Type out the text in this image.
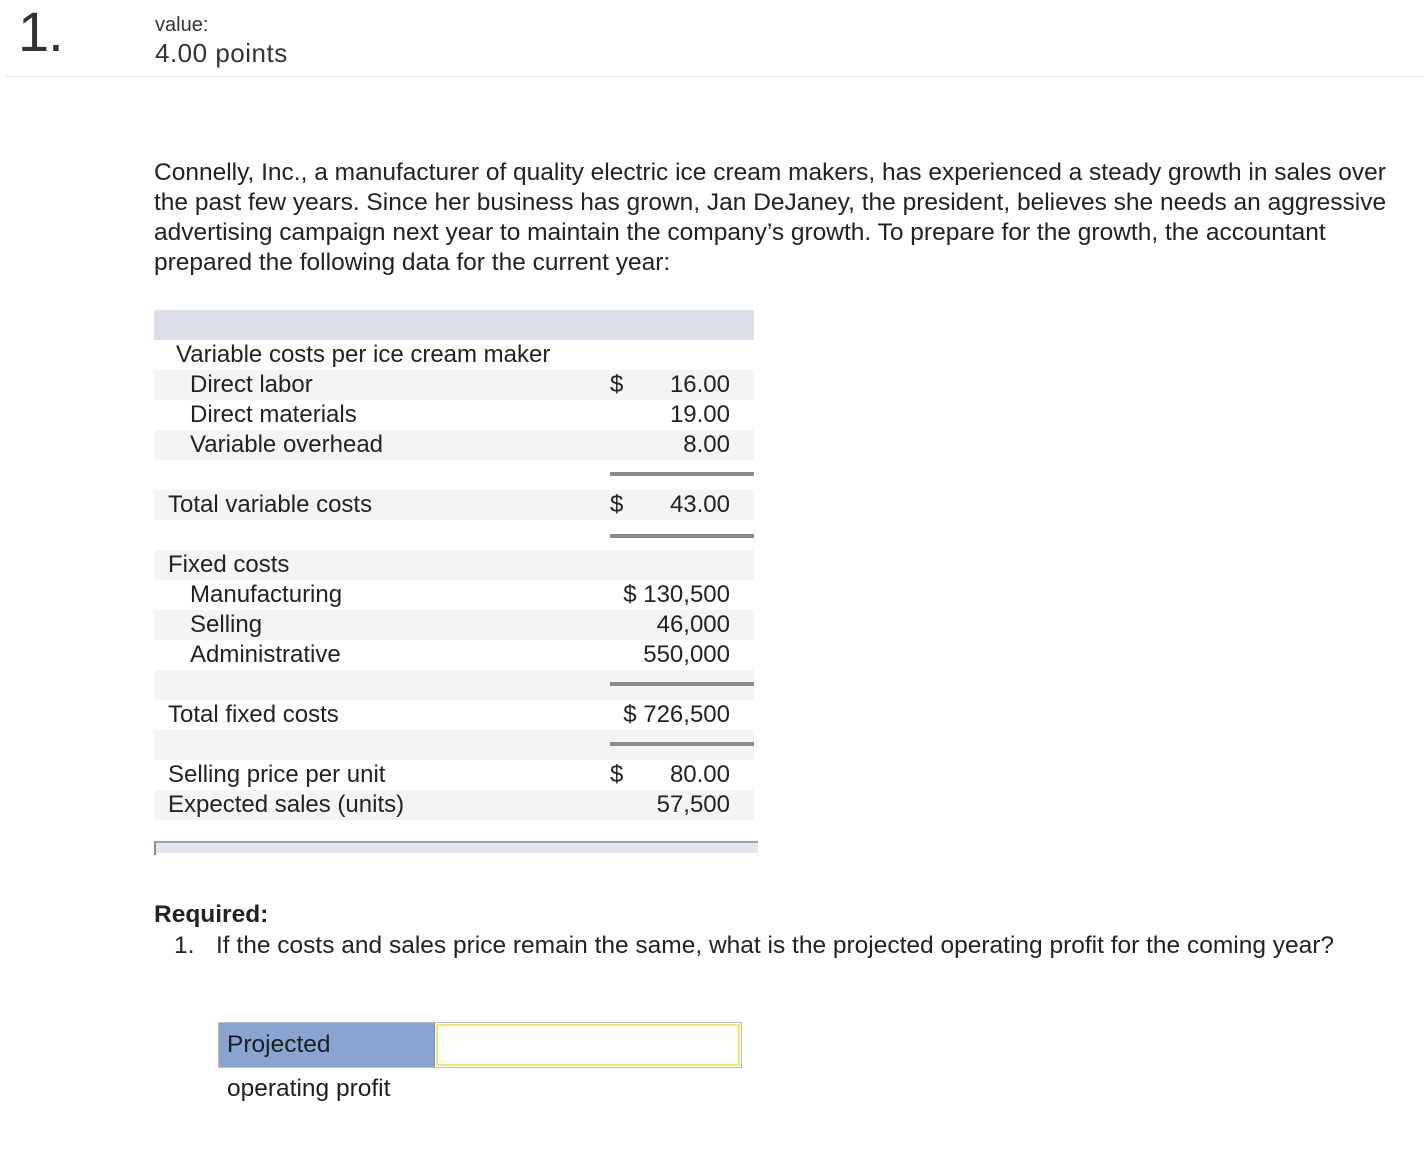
1.	value:
4.00 points

Connelly, Inc., a manufacturer of quality electric ice cream makers, has experienced a steady growth in sales over the past few years. Since her business has grown, Jan DeJaney, the president, believes she needs an aggressive advertising campaign next year to maintain the company’s growth. To prepare for the growth, the accountant prepared the following data for the current year:

Variable costs per ice cream maker
Direct labor	$ 16.00
Direct materials	19.00
Variable overhead	8.00
Total variable costs	$ 43.00
Fixed costs
Manufacturing	$ 130,500
Selling	46,000
Administrative	550,000
Total fixed costs	$ 726,500
Selling price per unit	$ 80.00
Expected sales (units)	57,500
Required:
1. If the costs and sales price remain the same, what is the projected operating profit for the coming year?
Projected operating profit
